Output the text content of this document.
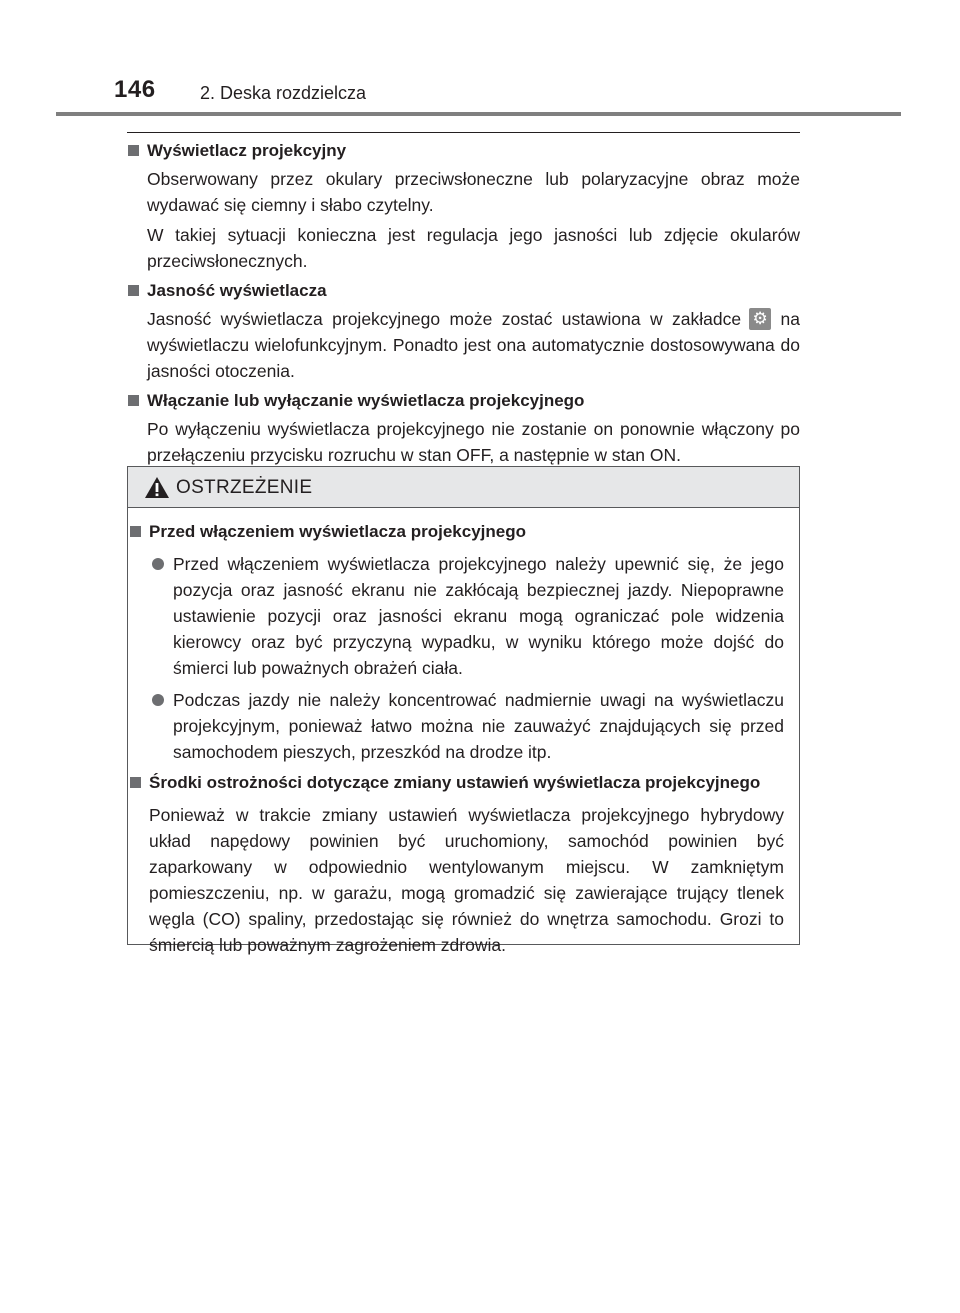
146 2. Deska rozdzielcza
Wyświetlacz projekcyjny
Obserwowany przez okulary przeciwsłoneczne lub polaryzacyjne obraz może wydawać się ciemny i słabo czytelny.
W takiej sytuacji konieczna jest regulacja jego jasności lub zdjęcie okularów przeciwsłonecznych.
Jasność wyświetlacza
Jasność wyświetlacza projekcyjnego może zostać ustawiona w zakładce ⚙ na wyświetlaczu wielofunkcyjnym. Ponadto jest ona automatycznie dostosowywana do jasności otoczenia.
Włączanie lub wyłączanie wyświetlacza projekcyjnego
Po wyłączeniu wyświetlacza projekcyjnego nie zostanie on ponownie włączony po przełączeniu przycisku rozruchu w stan OFF, a następnie w stan ON.
OSTRZEŻENIE
Przed włączeniem wyświetlacza projekcyjnego
Przed włączeniem wyświetlacza projekcyjnego należy upewnić się, że jego pozycja oraz jasność ekranu nie zakłócają bezpiecznej jazdy. Niepoprawne ustawienie pozycji oraz jasności ekranu mogą ograniczać pole widzenia kierowcy oraz być przyczyną wypadku, w wyniku którego może dojść do śmierci lub poważnych obrażeń ciała.
Podczas jazdy nie należy koncentrować nadmiernie uwagi na wyświetlaczu projekcyjnym, ponieważ łatwo można nie zauważyć znajdujących się przed samochodem pieszych, przeszkód na drodze itp.
Środki ostrożności dotyczące zmiany ustawień wyświetlacza projekcyjnego
Ponieważ w trakcie zmiany ustawień wyświetlacza projekcyjnego hybrydowy układ napędowy powinien być uruchomiony, samochód powinien być zaparkowany w odpowiednio wentylowanym miejscu. W zamkniętym pomieszczeniu, np. w garażu, mogą gromadzić się zawierające trujący tlenek węgla (CO) spaliny, przedostając się również do wnętrza samochodu. Grozi to śmiercią lub poważnym zagrożeniem zdrowia.
